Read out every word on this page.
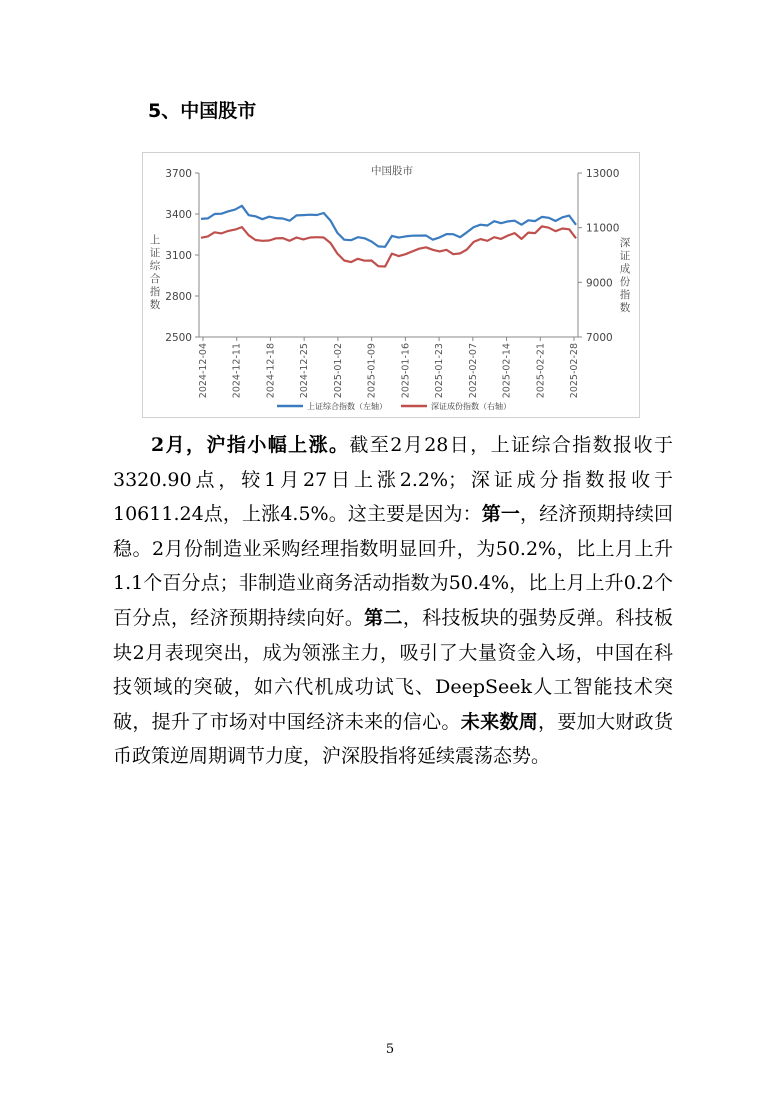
5、中国股市
中国股市
2500
2800
3100
3400
3700
7000
9000
11000
13000
2024-12-04 2024-12-11 2024-12-18 2024-12-25 2025-01-02 2025-01-09 2025-01-16 2025-01-23 2025-02-07 2025-02-14 2025-02-21 2025-02-28
上
证
综
合
指
数
深
证
成
份
指
数
上证综合指数（左轴）	深证成份指数（右轴）

2月，沪指小幅上涨。截至2月28日，上证综合指数报收于3320.90点，较1月27日上涨2.2%；深证成分指数报收于10611.24点，上涨4.5%。这主要是因为：第一，经济预期持续回稳。2月份制造业采购经理指数明显回升，为50.2%，比上月上升1.1个百分点；非制造业商务活动指数为50.4%，比上月上升0.2个百分点，经济预期持续向好。第二，科技板块的强势反弹。科技板块2月表现突出，成为领涨主力，吸引了大量资金入场，中国在科技领域的突破，如六代机成功试飞、DeepSeek人工智能技术突破，提升了市场对中国经济未来的信心。未来数周，要加大财政货币政策逆周期调节力度，沪深股指将延续震荡态势。

5
